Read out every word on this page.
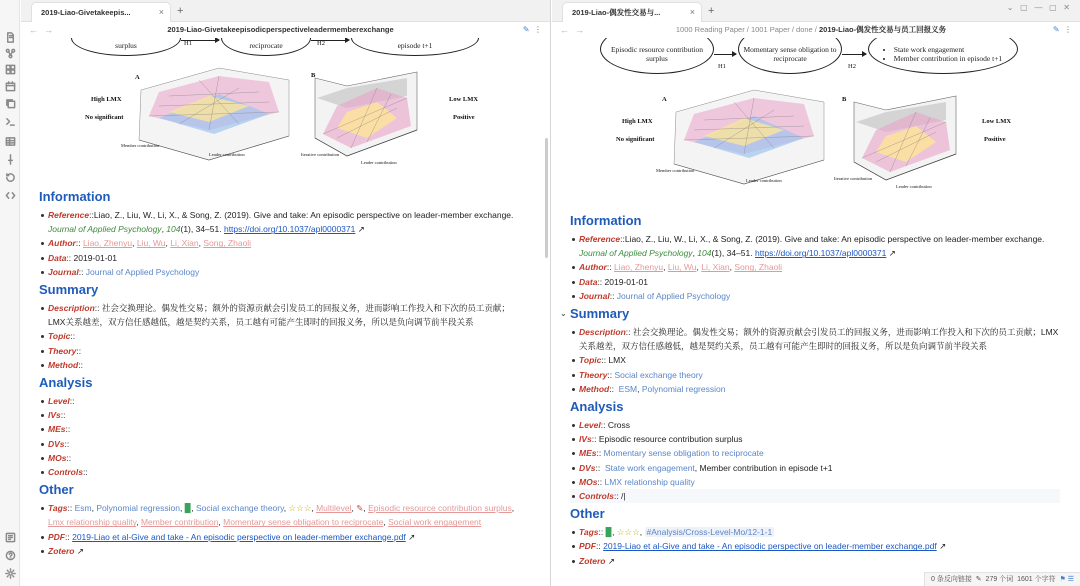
2019-Liao-Givetakeepis...	× +
←→	2019-Liao-Givetakeepisodicperspectiveleadermemberexchange	✎ ⋮
surplus	H1	reciprocate	H2	episode t+1
A
High LMX
No significant
Member contribution
Leader contribution
B
Low LMX
Positive
Iterative contribution
Leader contribution
Information
Reference::Liao, Z., Liu, W., Li, X., & Song, Z. (2019). Give and take: An episodic perspective on leader-member exchange. Journal of Applied Psychology, 104(1), 34–51. https://doi.org/10.1037/apl0000371 ↗
Author:: Liao, Zhenyu, Liu, Wu, Li, Xian, Song, Zhaoli
Data:: 2019-01-01
Journal:: Journal of Applied Psychology
Summary
Description:: 社会交换理论。偶发性交易；额外的资源贡献会引发员工的回报义务，进而影响工作投入和下次的员工贡献；LMX关系越差，双方信任感越低，越是契约关系，员工越有可能产生即时的回报义务，所以是负向调节前半段关系
Topic::
Theory::
Method::
Analysis
Level::
IVs::
MEs::
DVs::
MOs::
Controls::
Other
Tags:: Esm, Polynomial regression, ▉, Social exchange theory, ☆☆☆, Multilevel, ✎, Episodic resource contribution surplus, Lmx relationship quality, Member contribution, Momentary sense obligation to reciprocate, Social work engagement
PDF:: 2019-Liao et al-Give and take - An episodic perspective on leader-member exchange.pdf ↗
Zotero ↗
2019-Liao-偶发性交易与...	× +	⌄ ▢ — ▢ ✕
←→	1000 Reading Paper / 1001 Paper / done / 2019-Liao-偶发性交易与员工回报义务	✎ ⋮
Episodic resource contribution surplus
H1
Momentary sense obligation to reciprocate
H2
• State work engagement
• Member contribution in episode t+1
A
High LMX
No significant
Member contribution
Leader contribution
B
Low LMX
Positive
Iterative contribution
Leader contribution
Information
Reference::Liao, Z., Liu, W., Li, X., & Song, Z. (2019). Give and take: An episodic perspective on leader-member exchange. Journal of Applied Psychology, 104(1), 34–51. https://doi.org/10.1037/apl0000371 ↗
Author:: Liao, Zhenyu, Liu, Wu, Li, Xian, Song, Zhaoli
Data:: 2019-01-01
Journal:: Journal of Applied Psychology
⌄ Summary
Description:: 社会交换理论。偶发性交易；额外的资源贡献会引发员工的回报义务，进而影响工作投入和下次的员工贡献；LMX关系越差，双方信任感越低，越是契约关系，员工越有可能产生即时的回报义务，所以是负向调节前半段关系
Topic:: LMX
Theory:: Social exchange theory
Method::  ESM, Polynomial regression
Analysis
Level:: Cross
IVs:: Episodic resource contribution surplus
MEs:: Momentary sense obligation to reciprocate
DVs::  State work engagement, Member contribution in episode t+1
MOs:: LMX relationship quality
Controls:: /|
Other
Tags:: ▉, ☆☆☆, #Analysis/Cross-Level-Mo/12-1-1
PDF:: 2019-Liao et al-Give and take - An episodic perspective on leader-member exchange.pdf ↗
Zotero ↗
0 条反向链接 ✎ 279 个词 1601 个字符 ⚑ ☰
